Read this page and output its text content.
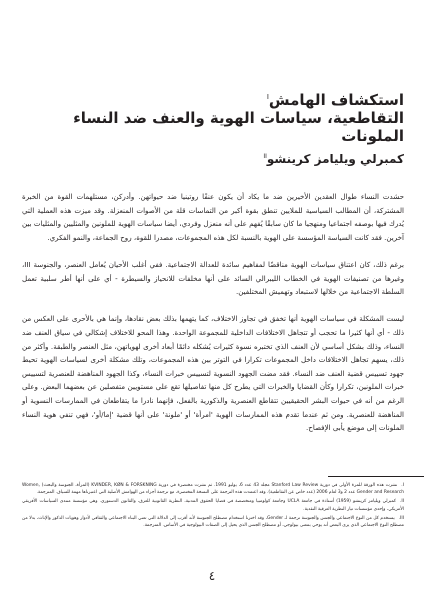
استكشاف الهامش$^I$

التقاطعية، سياسات الهوية والعنف ضد النساء الملونات

كمبرلي ويليامز كرينشو$^{II}$

حشدت النساء طوال العقدين الأخيرين ضد ما يكاد أن يكون عنفًا روتينيا ضد حيواتهن. وأدركن، مستلهمات القوة من الخبرة المشتركة، أن المطالب السياسية للملايين تنطق بقوة أكبر من التماسات قلة من الأصوات المنعزلة. وقد ميزت هذه العملية التي يُدرك فيها بوصفه اجتماعيا ومنهجيا ما كان سابقًا يُفهم على أنه منعزل وفردي، أيضا سياسات الهوية للملونين والمثليين والمثليات بين آخرين. فقد كانت السياسة المؤسسة على الهوية بالنسبة لكل هذه المجموعات، مصدرا للقوة، روح الجماعة، والنمو الفكري.

برغم ذلك، كان اعتناق سياسات الهوية مناقضًا لمفاهيم سائدة للعدالة الاجتماعية. ففي أغلب الأحيان يُعامل العنصر، والجنوسة III، وغيرها من تصنيفات الهوية في الخطاب الليبرالي السائد على أنها مخلفات للانحياز والسيطرة - أي على أنها أطر سلبية تعمل السلطة الاجتماعية من خلالها لاستبعاد وتهميش المختلفين.

ليست المشكلة في سياسات الهوية أنها تخفق في تجاوز الاختلاف، كما يتهمها بذلك بعض نقادها، وإنما هي بالأحرى على العكس من ذلك - أي أنها كثيرا ما تحجب أو تتجاهل الاختلافات الداخلية للمجموعة الواحدة. وهذا المحو للاختلاف إشكالي في سياق العنف ضد النساء، وذلك بشكل أساسي لأن العنف الذي تختبره نسوة كثيرات يُشكله دائمًا أبعاد أخرى لهوياتهن، مثل العنصر والطبقة. وأكثر من ذلك، يسهم تجاهل الاختلافات داخل المجموعات تكرارا في التوتر بين هذه المجموعات، وتلك مشكلة أخرى لسياسات الهوية تحيط جهود تسييس قضية العنف ضد النساء. فقد مضت الجهود النسوية لتسييس خبرات النساء، وكذا الجهود المناهضة للعنصرية لتسييس خبرات الملونين، تكرارا وكأن القضايا والخبرات التي يطرح كل منها تفاصيلها تقع على مستويين متفصلين عن بعضهما البعض. وعلى الرغم من أنه في حيوات البشر الحقيقيين تتقاطع العنصرية والذكورية بالفعل، فإنهما نادرا ما يتقاطعان في الممارسات النسوية أو المناهضة للعنصرية. ومن ثم عندما تقدم هذه الممارسات الهوية 'امرأة' أو 'ملونة' على أنها قضية 'إما/أو'، فهي تنفي هوية النساء الملونات إلى موضع يأبى الإفصاح.

I.نشرت هذه الورقة للمرة الأولى في دورية Stanford Law Review مجلد 43 عدد 6، يوليو 1991. ثم نشرت مختصرة في دورية KVINDER, KØN & FORSKNING (المرأة، الجنوسة والبحث) Women, Gender and Research عدد 2 و3 لعام 2006 (عدد خاص عن التقاطعية). وقد اعتمدت هذه الترجمة على النسخة المختصرة، مع ترجمة أجزاء من الهوامش الأصلية التي اعتبرناها مهمة للسياق. المترجمة.

II.كمبرلي ويليامز كرينشو (1959) أستاذة في جامعة UCLA وجامعة كولومبيا ومتخصصة في قضايا الحقوق المدنية، النظرية القانونية للعرق، والقانون الدستوري. وهي مؤسسة منتدى السياسات الأفريقي الأمريكي، وإحدى مؤسسات تيار النظرية العرقية النقدية.

III.يستخدم كل من النوع الاجتماعي والجنس والجنوسة ترجمة لـ Gender، وقد اخترنا استخدام مصطلح الجنوسة لأنه أقرب إلى الدلالة التي تعني البناء الاجتماعي والثقافي لأدوار وهويات الذكور والإناث، بدلا من مصطلح النوع الاجتماعي الذي يرى البعض أنه يوحي بمعنى بيولوجي، أو مصطلح الجنس الذي يحيل إلى الصفات البيولوجية في الأساس. المترجمة.

٤
